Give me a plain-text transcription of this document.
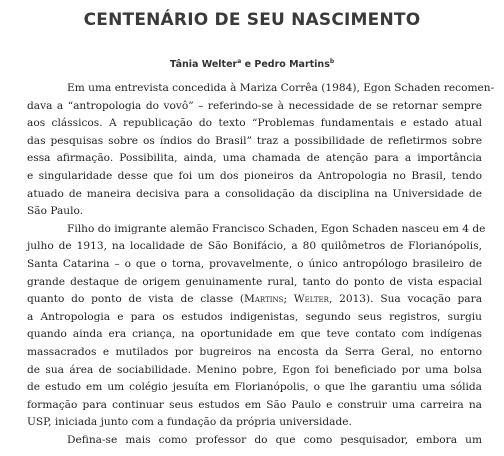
CENTENÁRIO DE SEU NASCIMENTO
Tânia Welter$^a$ e Pedro Martins$^b$

Em uma entrevista concedida à Mariza Corrêa (1984), Egon Schaden recomen-
dava a “antropologia do vovô” – referindo-se à necessidade de se retornar sempre
aos clássicos. A republicação do texto “Problemas fundamentais e estado atual
das pesquisas sobre os índios do Brasil” traz a possibilidade de refletirmos sobre
essa afirmação. Possibilita, ainda, uma chamada de atenção para a importância
e singularidade desse que foi um dos pioneiros da Antropologia no Brasil, tendo
atuado de maneira decisiva para a consolidação da disciplina na Universidade de
São Paulo.

Filho do imigrante alemão Francisco Schaden, Egon Schaden nasceu em 4 de
julho de 1913, na localidade de São Bonifácio, a 80 quilômetros de Florianópolis,
Santa Catarina – o que o torna, provavelmente, o único antropólogo brasileiro de
grande destaque de origem genuinamente rural, tanto do ponto de vista espacial
quanto do ponto de vista de classe (Martins; Welter, 2013). Sua vocação para
a Antropologia e para os estudos indigenistas, segundo seus registros, surgiu
quando ainda era criança, na oportunidade em que teve contato com indígenas
massacrados e mutilados por bugreiros na encosta da Serra Geral, no entorno
de sua área de sociabilidade. Menino pobre, Egon foi beneficiado por uma bolsa
de estudo em um colégio jesuíta em Florianópolis, o que lhe garantiu uma sólida
formação para continuar seus estudos em São Paulo e construir uma carreira na
USP, iniciada junto com a fundação da própria universidade.

Defina-se mais como professor do que como pesquisador, embora um
